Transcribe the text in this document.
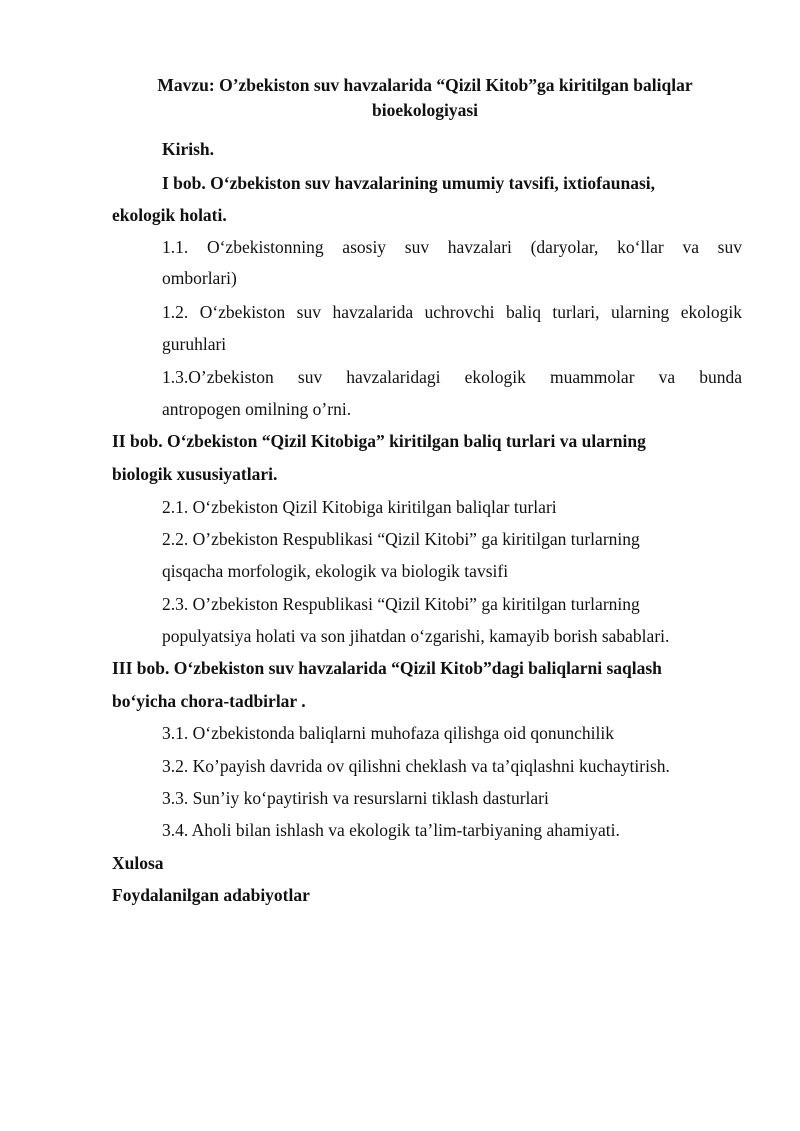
Mavzu: O’zbekiston suv havzalarida “Qizil Kitob”ga kiritilgan baliqlar
bioekologiyasi
Kirish.
I bob. O‘zbekiston suv havzalarining umumiy tavsifi, ixtiofaunasi,
ekologik holati.
1.1. O‘zbekistonning asosiy suv havzalari (daryolar, ko‘llar va suv
omborlari)
1.2. O‘zbekiston suv havzalarida uchrovchi baliq turlari, ularning ekologik
guruhlari
1.3.O’zbekiston suv havzalaridagi ekologik muammolar va bunda
antropogen omilning o’rni.
II bob. O‘zbekiston “Qizil Kitobiga” kiritilgan baliq turlari va ularning
biologik xususiyatlari.
2.1. O‘zbekiston Qizil Kitobiga kiritilgan baliqlar turlari
2.2. O’zbekiston Respublikasi “Qizil Kitobi” ga kiritilgan turlarning
qisqacha morfologik, ekologik va biologik tavsifi
2.3. O’zbekiston Respublikasi “Qizil Kitobi” ga kiritilgan turlarning
populyatsiya holati va son jihatdan o‘zgarishi, kamayib borish sabablari.
III bob. O‘zbekiston suv havzalarida “Qizil Kitob”dagi baliqlarni saqlash
bo‘yicha chora-tadbirlar .
3.1. O‘zbekistonda baliqlarni muhofaza qilishga oid qonunchilik
3.2. Ko’payish davrida ov qilishni cheklash va ta’qiqlashni kuchaytirish.
3.3. Sun’iy ko‘paytirish va resurslarni tiklash dasturlari
3.4. Aholi bilan ishlash va ekologik ta’lim-tarbiyaning ahamiyati.
Xulosa
Foydalanilgan adabiyotlar
